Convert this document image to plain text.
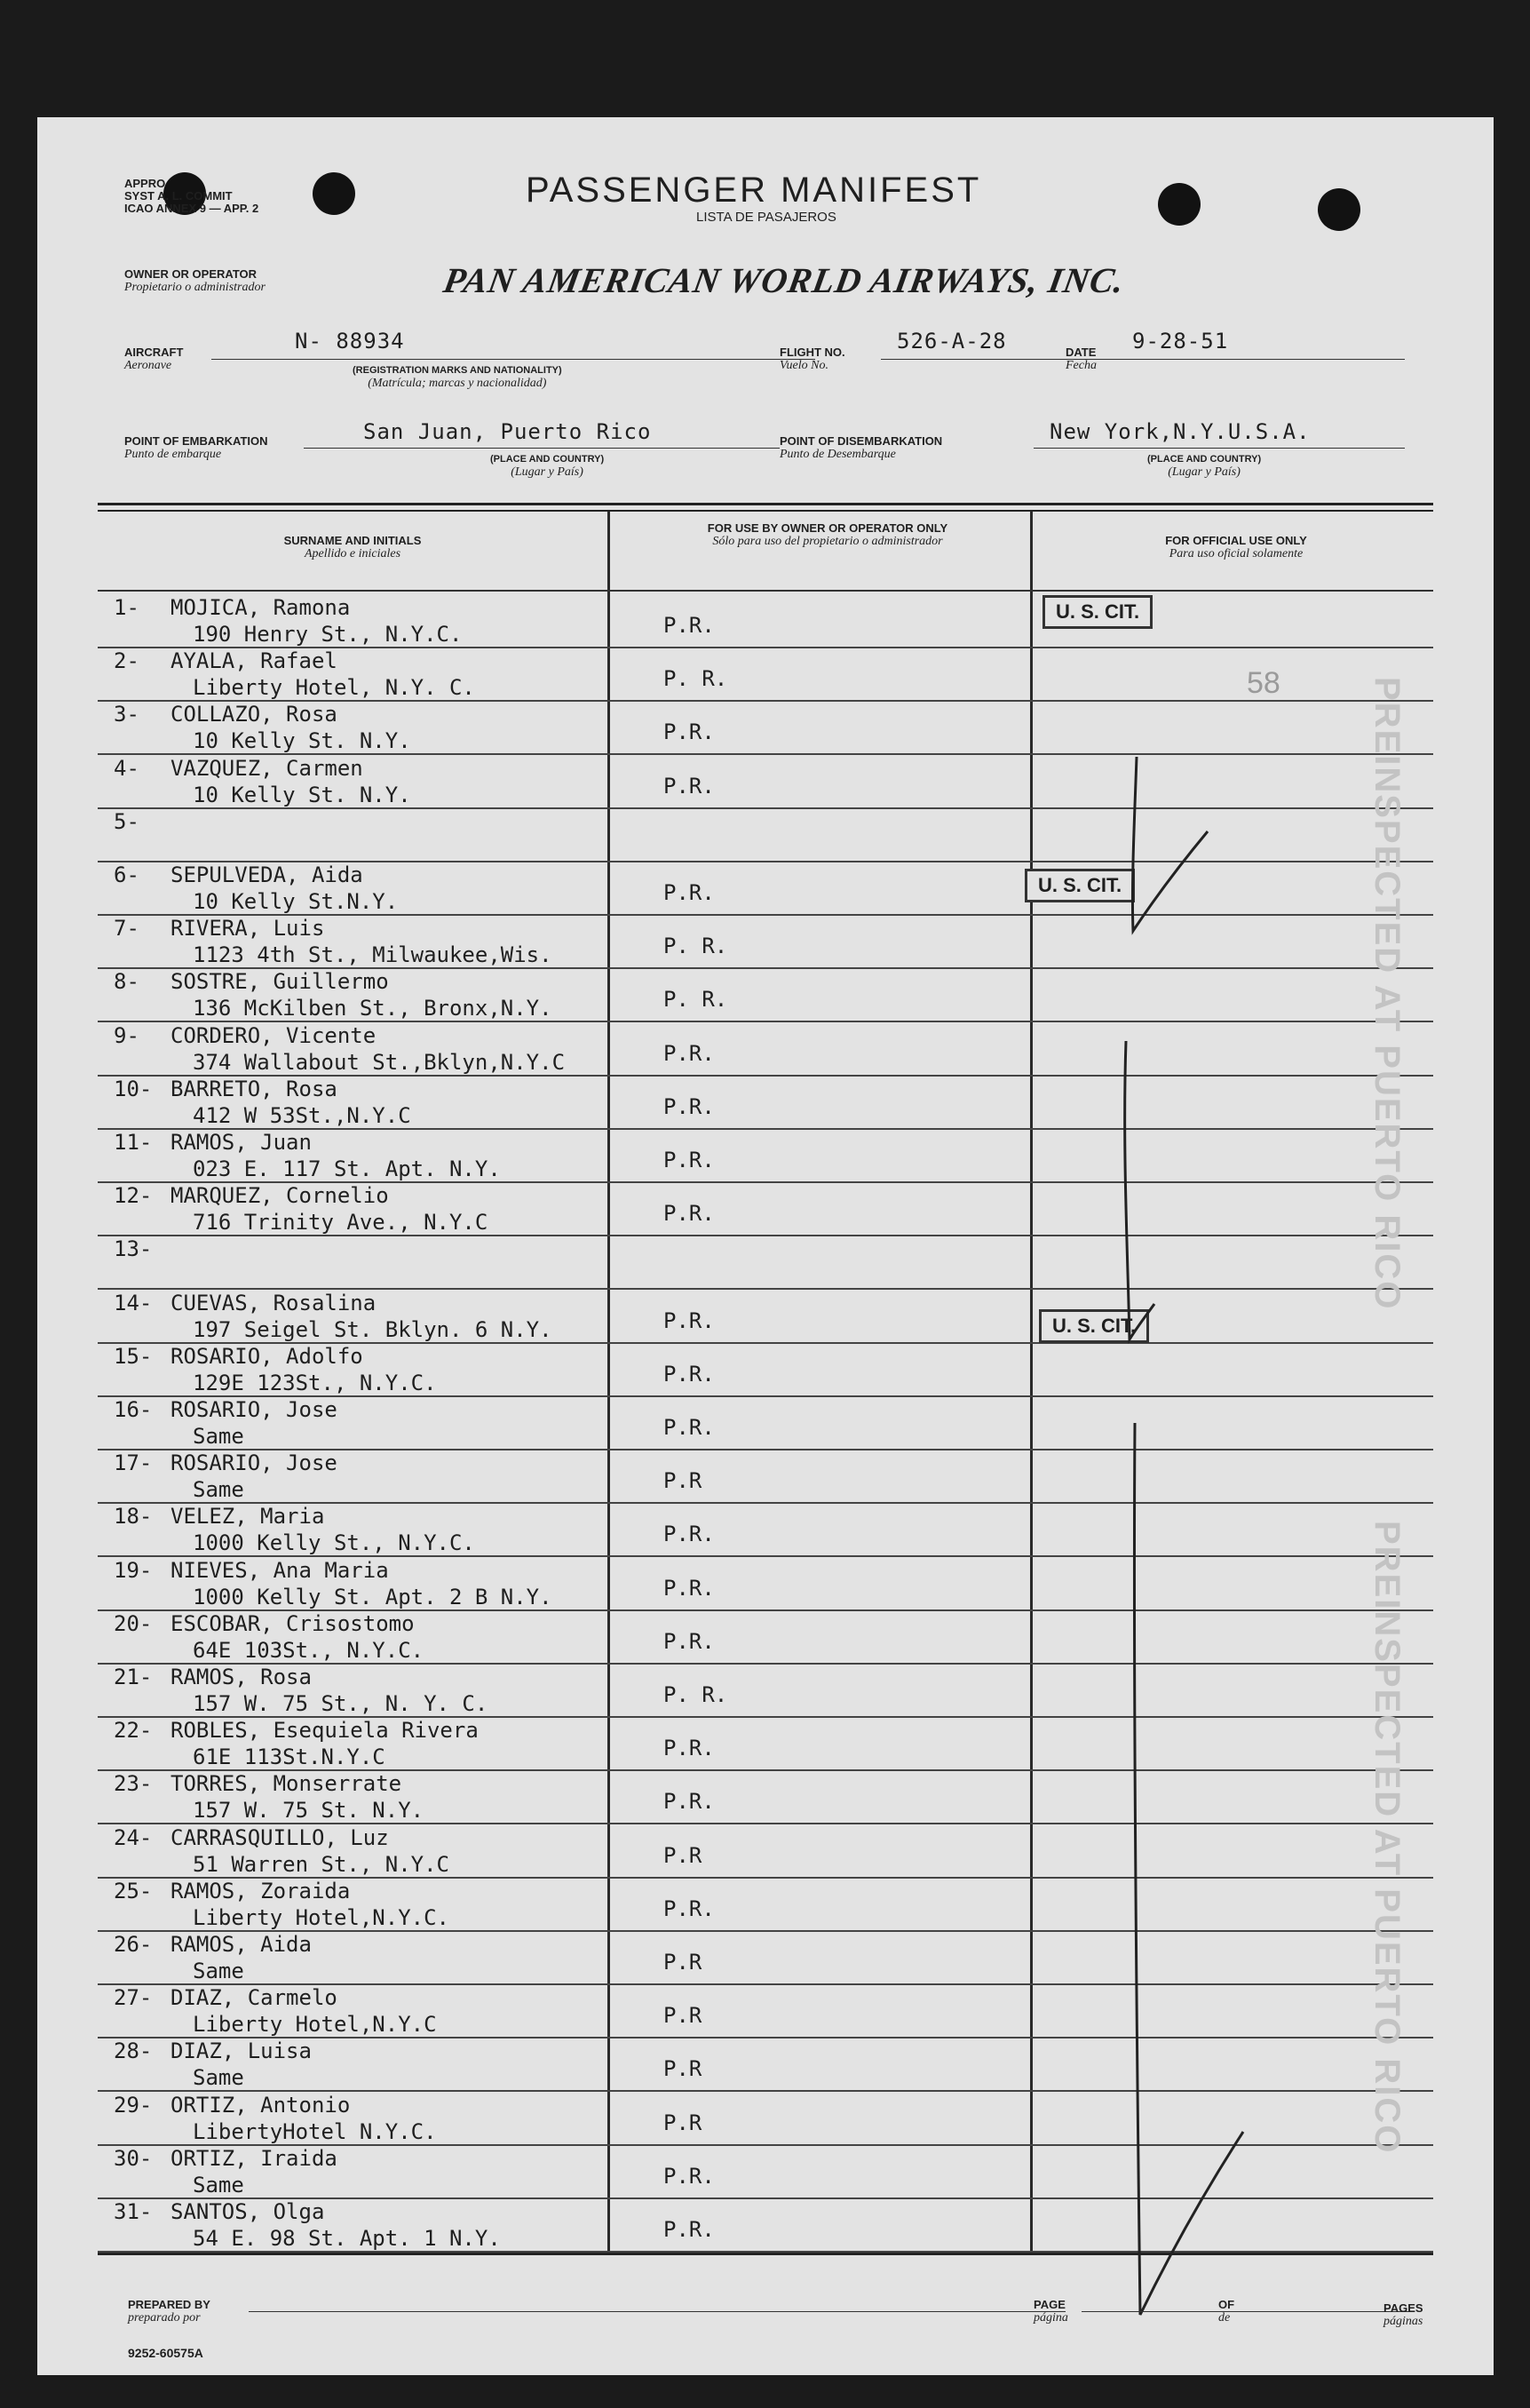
APPRO
SYST A. L. COMMIT
ICAO ANNEX 9 — APP. 2	PASSENGER MANIFEST
LISTA DE PASAJEROS
OWNER OR OPERATOR
Propietario o administrador	PAN AMERICAN WORLD AIRWAYS, INC.
AIRCRAFT
Aeronave
N- 88934
(REGISTRATION MARKS AND NATIONALITY)
(Matrícula; marcas y nacionalidad)
FLIGHT NO.
Vuelo No.
526-A-28	DATE
Fecha
9-28-51
POINT OF EMBARKATION
Punto de embarque
San Juan, Puerto Rico
(PLACE AND COUNTRY)
(Lugar y País)
POINT OF DISEMBARKATION
Punto de Desembarque
New York,N.Y.U.S.A.
(PLACE AND COUNTRY)
(Lugar y País)
SURNAME AND INITIALS
Apellido e iniciales
FOR USE BY OWNER OR OPERATOR ONLY
Sólo para uso del propietario o administrador	FOR OFFICIAL USE ONLY
Para uso oficial solamente
1- MOJICA, Ramona
190 Henry St., N.Y.C.	P.R.
2- AYALA, Rafael
Liberty Hotel, N.Y. C.	P. R.
3- COLLAZO, Rosa
10 Kelly St. N.Y.	P.R.
4- VAZQUEZ, Carmen
10 Kelly St. N.Y.	P.R.
5-
6- SEPULVEDA, Aida
10 Kelly St.N.Y.	P.R.
7- RIVERA, Luis
1123 4th St., Milwaukee,Wis.	P. R.
8- SOSTRE, Guillermo
136 McKilben St., Bronx,N.Y.	P. R.
9- CORDERO, Vicente
374 Wallabout St.,Bklyn,N.Y.C	P.R.
10- BARRETO, Rosa
412 W 53St.,N.Y.C	P.R.
11- RAMOS, Juan
023 E. 117 St. Apt. N.Y.	P.R.
12- MARQUEZ, Cornelio
716 Trinity Ave., N.Y.C	P.R.
13-
14- CUEVAS, Rosalina
197 Seigel St. Bklyn. 6 N.Y.	P.R.
15- ROSARIO, Adolfo
129E 123St., N.Y.C.	P.R.
16- ROSARIO, Jose
Same	P.R.
17- ROSARIO, Jose
Same	P.R
18- VELEZ, Maria
1000 Kelly St., N.Y.C.	P.R.
19- NIEVES, Ana Maria
1000 Kelly St. Apt. 2 B N.Y.	P.R.
20- ESCOBAR, Crisostomo
64E 103St., N.Y.C.	P.R.
21- RAMOS, Rosa
157 W. 75 St., N. Y. C.	P. R.
22- ROBLES, Esequiela Rivera
61E 113St.N.Y.C	P.R.
23- TORRES, Monserrate
157 W. 75 St. N.Y.	P.R.
24- CARRASQUILLO, Luz
51 Warren St., N.Y.C	P.R
25- RAMOS, Zoraida
Liberty Hotel,N.Y.C.	P.R.
26- RAMOS, Aida
Same	P.R
27- DIAZ, Carmelo
Liberty Hotel,N.Y.C	P.R
28- DIAZ, Luisa
Same	P.R
29- ORTIZ, Antonio
LibertyHotel N.Y.C.	P.R
30- ORTIZ, Iraida
Same	P.R.
31- SANTOS, Olga
54 E. 98 St. Apt. 1 N.Y.	P.R.
U. S. CIT.
U. S. CIT.
U. S. CIT.
58 PREINSPECTED AT PUERTO RICO
PREINSPECTED AT PUERTO RICO
PREPARED BY
preparado por
PAGE
página
OF
de
PAGES
páginas
9252-60575A
